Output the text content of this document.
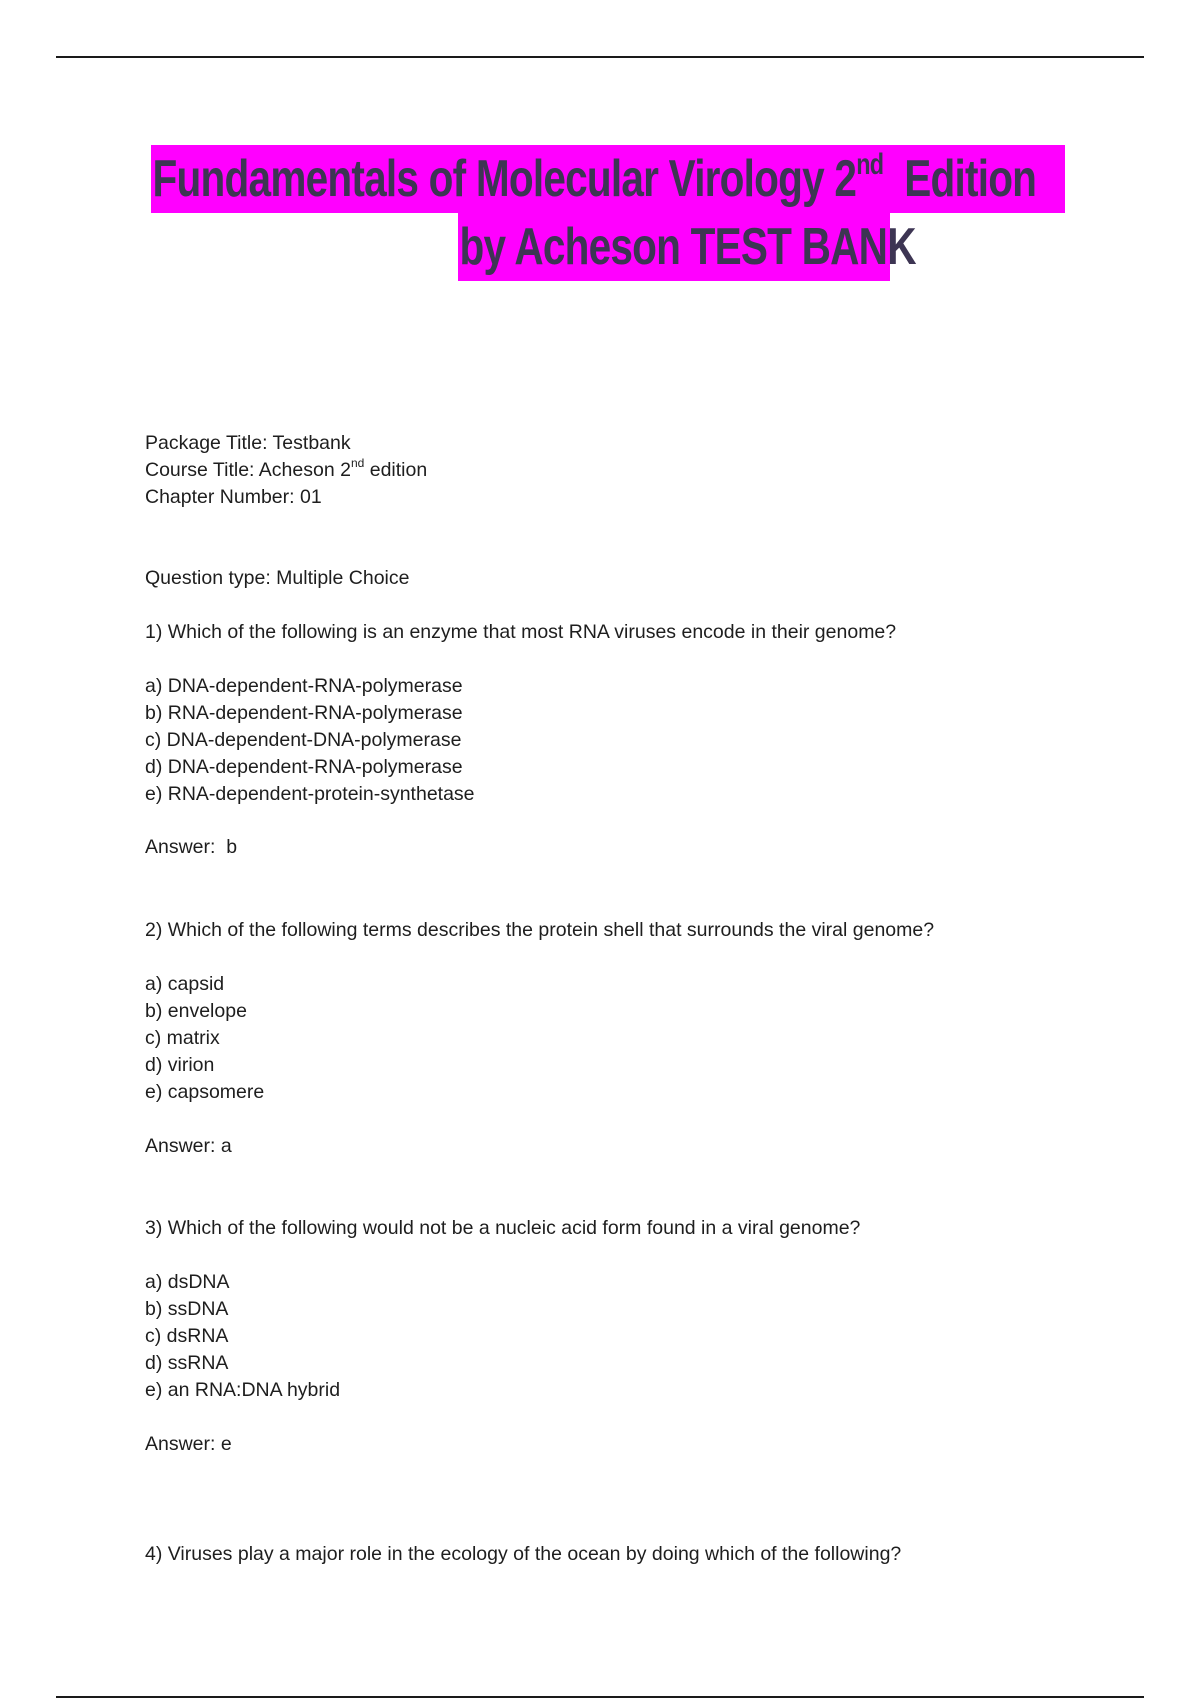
Fundamentals of Molecular Virology 2nd  Edition
by Acheson TEST BANK
Package Title: Testbank
Course Title: Acheson 2nd edition
Chapter Number: 01
Question type: Multiple Choice
1) Which of the following is an enzyme that most RNA viruses encode in their genome?
a) DNA-dependent-RNA-polymerase
b) RNA-dependent-RNA-polymerase
c) DNA-dependent-DNA-polymerase
d) DNA-dependent-RNA-polymerase
e) RNA-dependent-protein-synthetase
Answer:  b
2) Which of the following terms describes the protein shell that surrounds the viral genome?
a) capsid
b) envelope
c) matrix
d) virion
e) capsomere
Answer: a
3) Which of the following would not be a nucleic acid form found in a viral genome?
a) dsDNA
b) ssDNA
c) dsRNA
d) ssRNA
e) an RNA:DNA hybrid
Answer: e
4) Viruses play a major role in the ecology of the ocean by doing which of the following?
